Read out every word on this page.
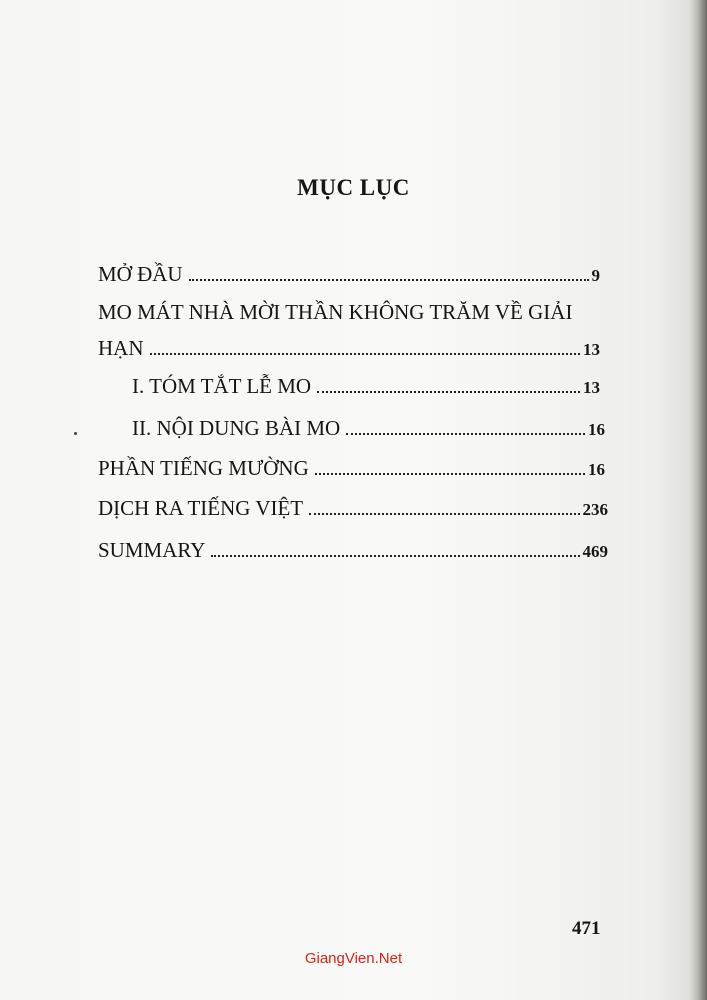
MỤC LỤC
MỞ ĐẦU	9
MO MÁT NHÀ MỜI THẦN KHÔNG TRĂM VỀ GIẢI
HẠN	13
I. TÓM TẮT LỄ MO	13
II. NỘI DUNG BÀI MO	16
PHẦN TIẾNG MƯỜNG	16
DỊCH RA TIẾNG VIỆT	236
SUMMARY	469
471
GiangVien.Net
